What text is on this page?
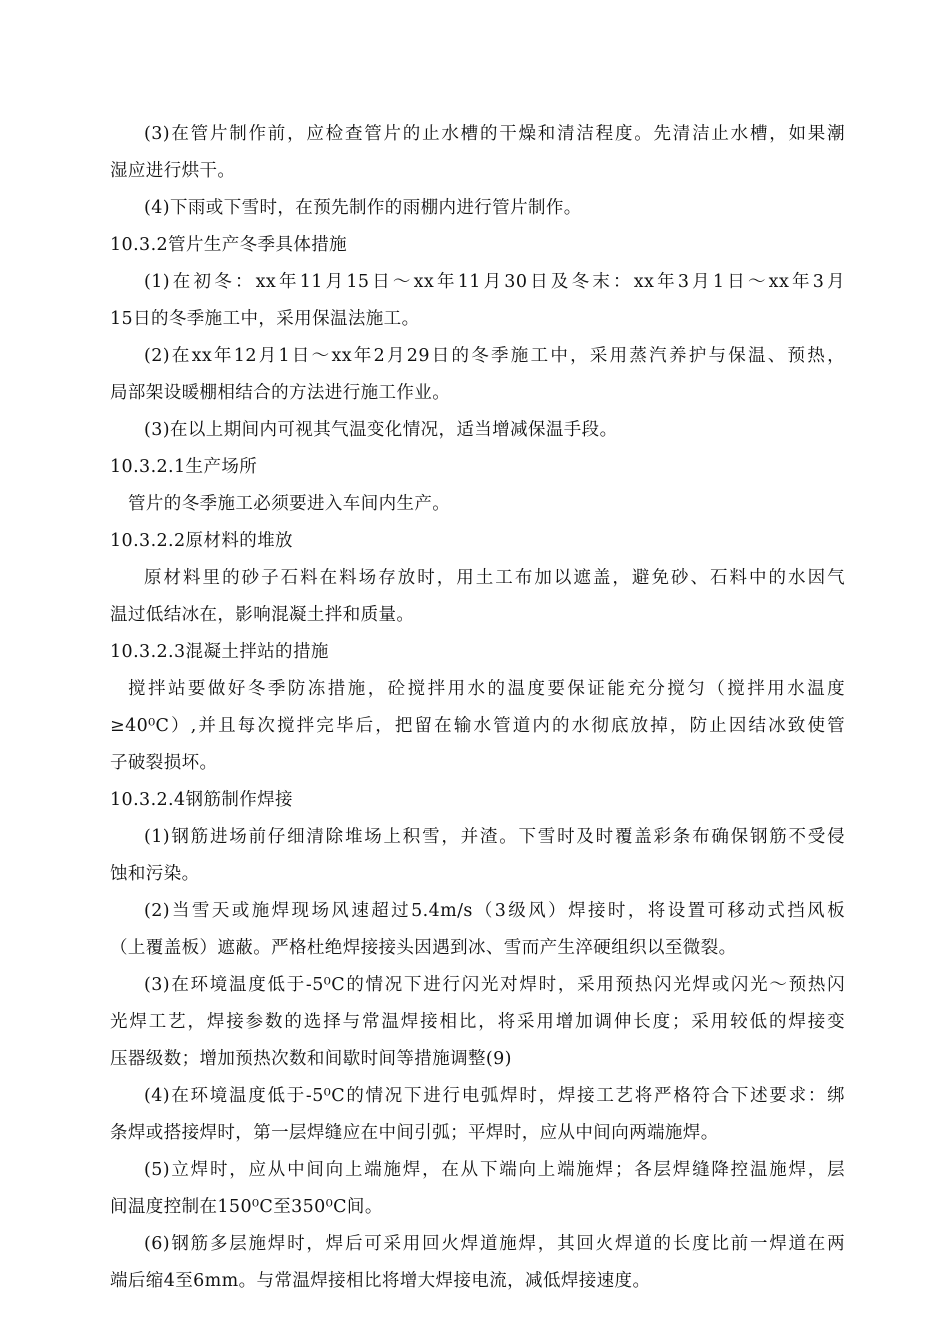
(3)在管片制作前，应检查管片的止水槽的干燥和清洁程度。先清洁止水槽，如果潮
湿应进行烘干。
(4)下雨或下雪时，在预先制作的雨棚内进行管片制作。
10.3.2管片生产冬季具体措施
(1)在初冬：xx年11月15日～xx年11月30日及冬末：xx年3月1日～xx年3月
15日的冬季施工中，采用保温法施工。
(2)在xx年12月1日～xx年2月29日的冬季施工中，采用蒸汽养护与保温、预热，
局部架设暖棚相结合的方法进行施工作业。
(3)在以上期间内可视其气温变化情况，适当增减保温手段。
10.3.2.1生产场所
管片的冬季施工必须要进入车间内生产。
10.3.2.2原材料的堆放
原材料里的砂子石料在料场存放时，用土工布加以遮盖，避免砂、石料中的水因气
温过低结冰在，影响混凝土拌和质量。
10.3.2.3混凝土拌站的措施
搅拌站要做好冬季防冻措施，砼搅拌用水的温度要保证能充分搅匀（搅拌用水温度
≥40⁰C）,并且每次搅拌完毕后，把留在输水管道内的水彻底放掉，防止因结冰致使管
子破裂损坏。
10.3.2.4钢筋制作焊接
(1)钢筋进场前仔细清除堆场上积雪，并渣。下雪时及时覆盖彩条布确保钢筋不受侵
蚀和污染。
(2)当雪天或施焊现场风速超过5.4m/s（3级风）焊接时，将设置可移动式挡风板
（上覆盖板）遮蔽。严格杜绝焊接接头因遇到冰、雪而产生淬硬组织以至微裂。
(3)在环境温度低于-5⁰C的情况下进行闪光对焊时，采用预热闪光焊或闪光～预热闪
光焊工艺，焊接参数的选择与常温焊接相比，将采用增加调伸长度；采用较低的焊接变
压器级数；增加预热次数和间歇时间等措施调整(9)
(4)在环境温度低于-5⁰C的情况下进行电弧焊时，焊接工艺将严格符合下述要求：绑
条焊或搭接焊时，第一层焊缝应在中间引弧；平焊时，应从中间向两端施焊。
(5)立焊时，应从中间向上端施焊，在从下端向上端施焊；各层焊缝降控温施焊，层
间温度控制在150⁰C至350⁰C间。
(6)钢筋多层施焊时，焊后可采用回火焊道施焊，其回火焊道的长度比前一焊道在两
端后缩4至6mm。与常温焊接相比将增大焊接电流，减低焊接速度。
